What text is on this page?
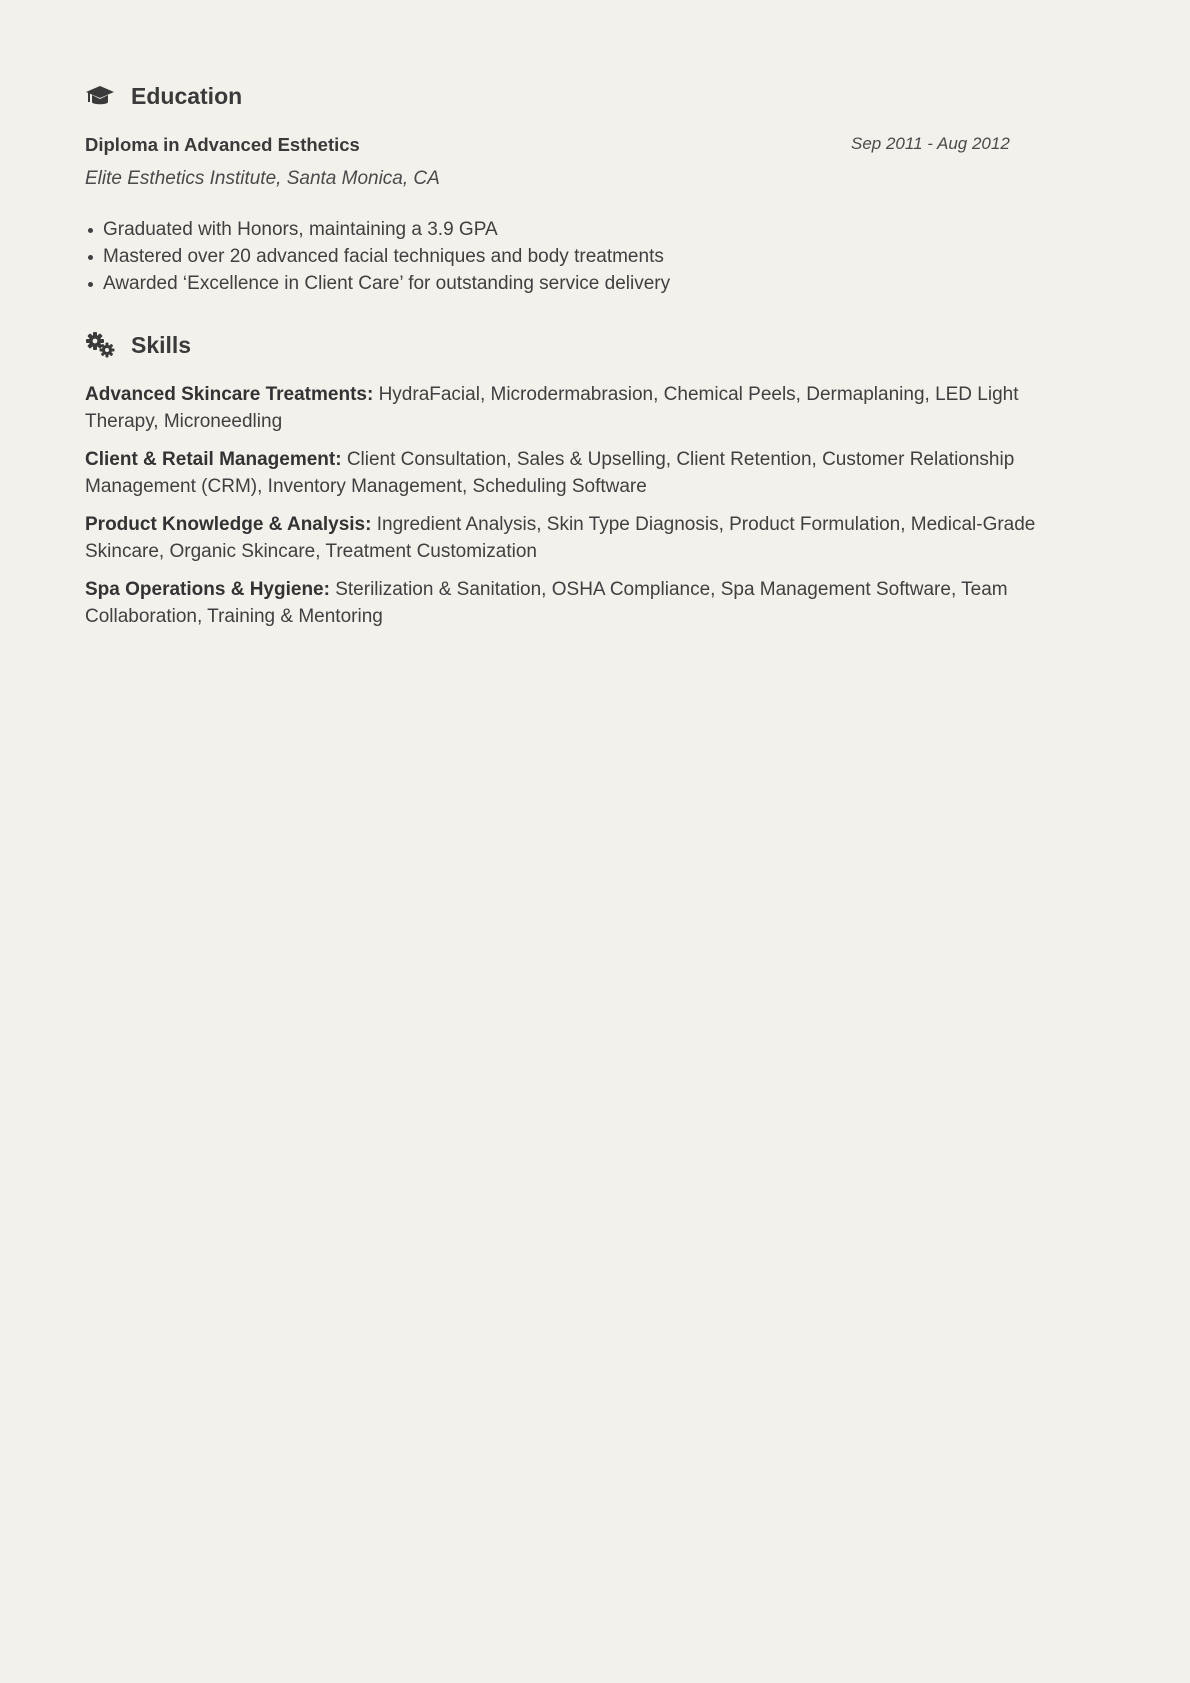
Education
Diploma in Advanced Esthetics	Sep 2011 - Aug 2012
Elite Esthetics Institute, Santa Monica, CA
Graduated with Honors, maintaining a 3.9 GPA
Mastered over 20 advanced facial techniques and body treatments
Awarded ‘Excellence in Client Care’ for outstanding service delivery
Skills
Advanced Skincare Treatments: HydraFacial, Microdermabrasion, Chemical Peels, Dermaplaning, LED Light Therapy, Microneedling
Client & Retail Management: Client Consultation, Sales & Upselling, Client Retention, Customer Relationship Management (CRM), Inventory Management, Scheduling Software
Product Knowledge & Analysis: Ingredient Analysis, Skin Type Diagnosis, Product Formulation, Medical-Grade Skincare, Organic Skincare, Treatment Customization
Spa Operations & Hygiene: Sterilization & Sanitation, OSHA Compliance, Spa Management Software, Team Collaboration, Training & Mentoring
